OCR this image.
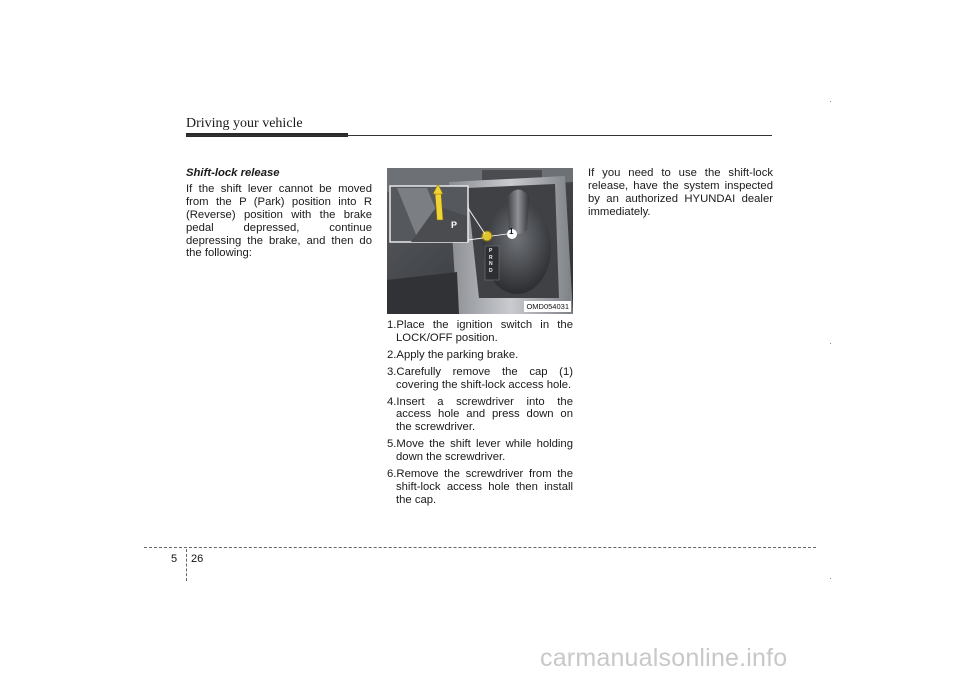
Driving your vehicle
Shift-lock release
If the shift lever cannot be moved from the P (Park) position into R (Reverse) position with the brake pedal depressed, continue depressing the brake, and then do the following:
1
P
P
R
N
D
OMD054031
1.Place the ignition switch in the LOCK/OFF position.
2.Apply the parking brake.
3.Carefully remove the cap (1) covering the shift-lock access hole.
4.Insert a screwdriver into the access hole and press down on the screwdriver.
5.Move the shift lever while holding down the screwdriver.
6.Remove the screwdriver from the shift-lock access hole then install the cap.
If you need to use the shift-lock release, have the system inspected by an authorized HYUNDAI dealer immediately.
5 26
carmanualsonline.info
